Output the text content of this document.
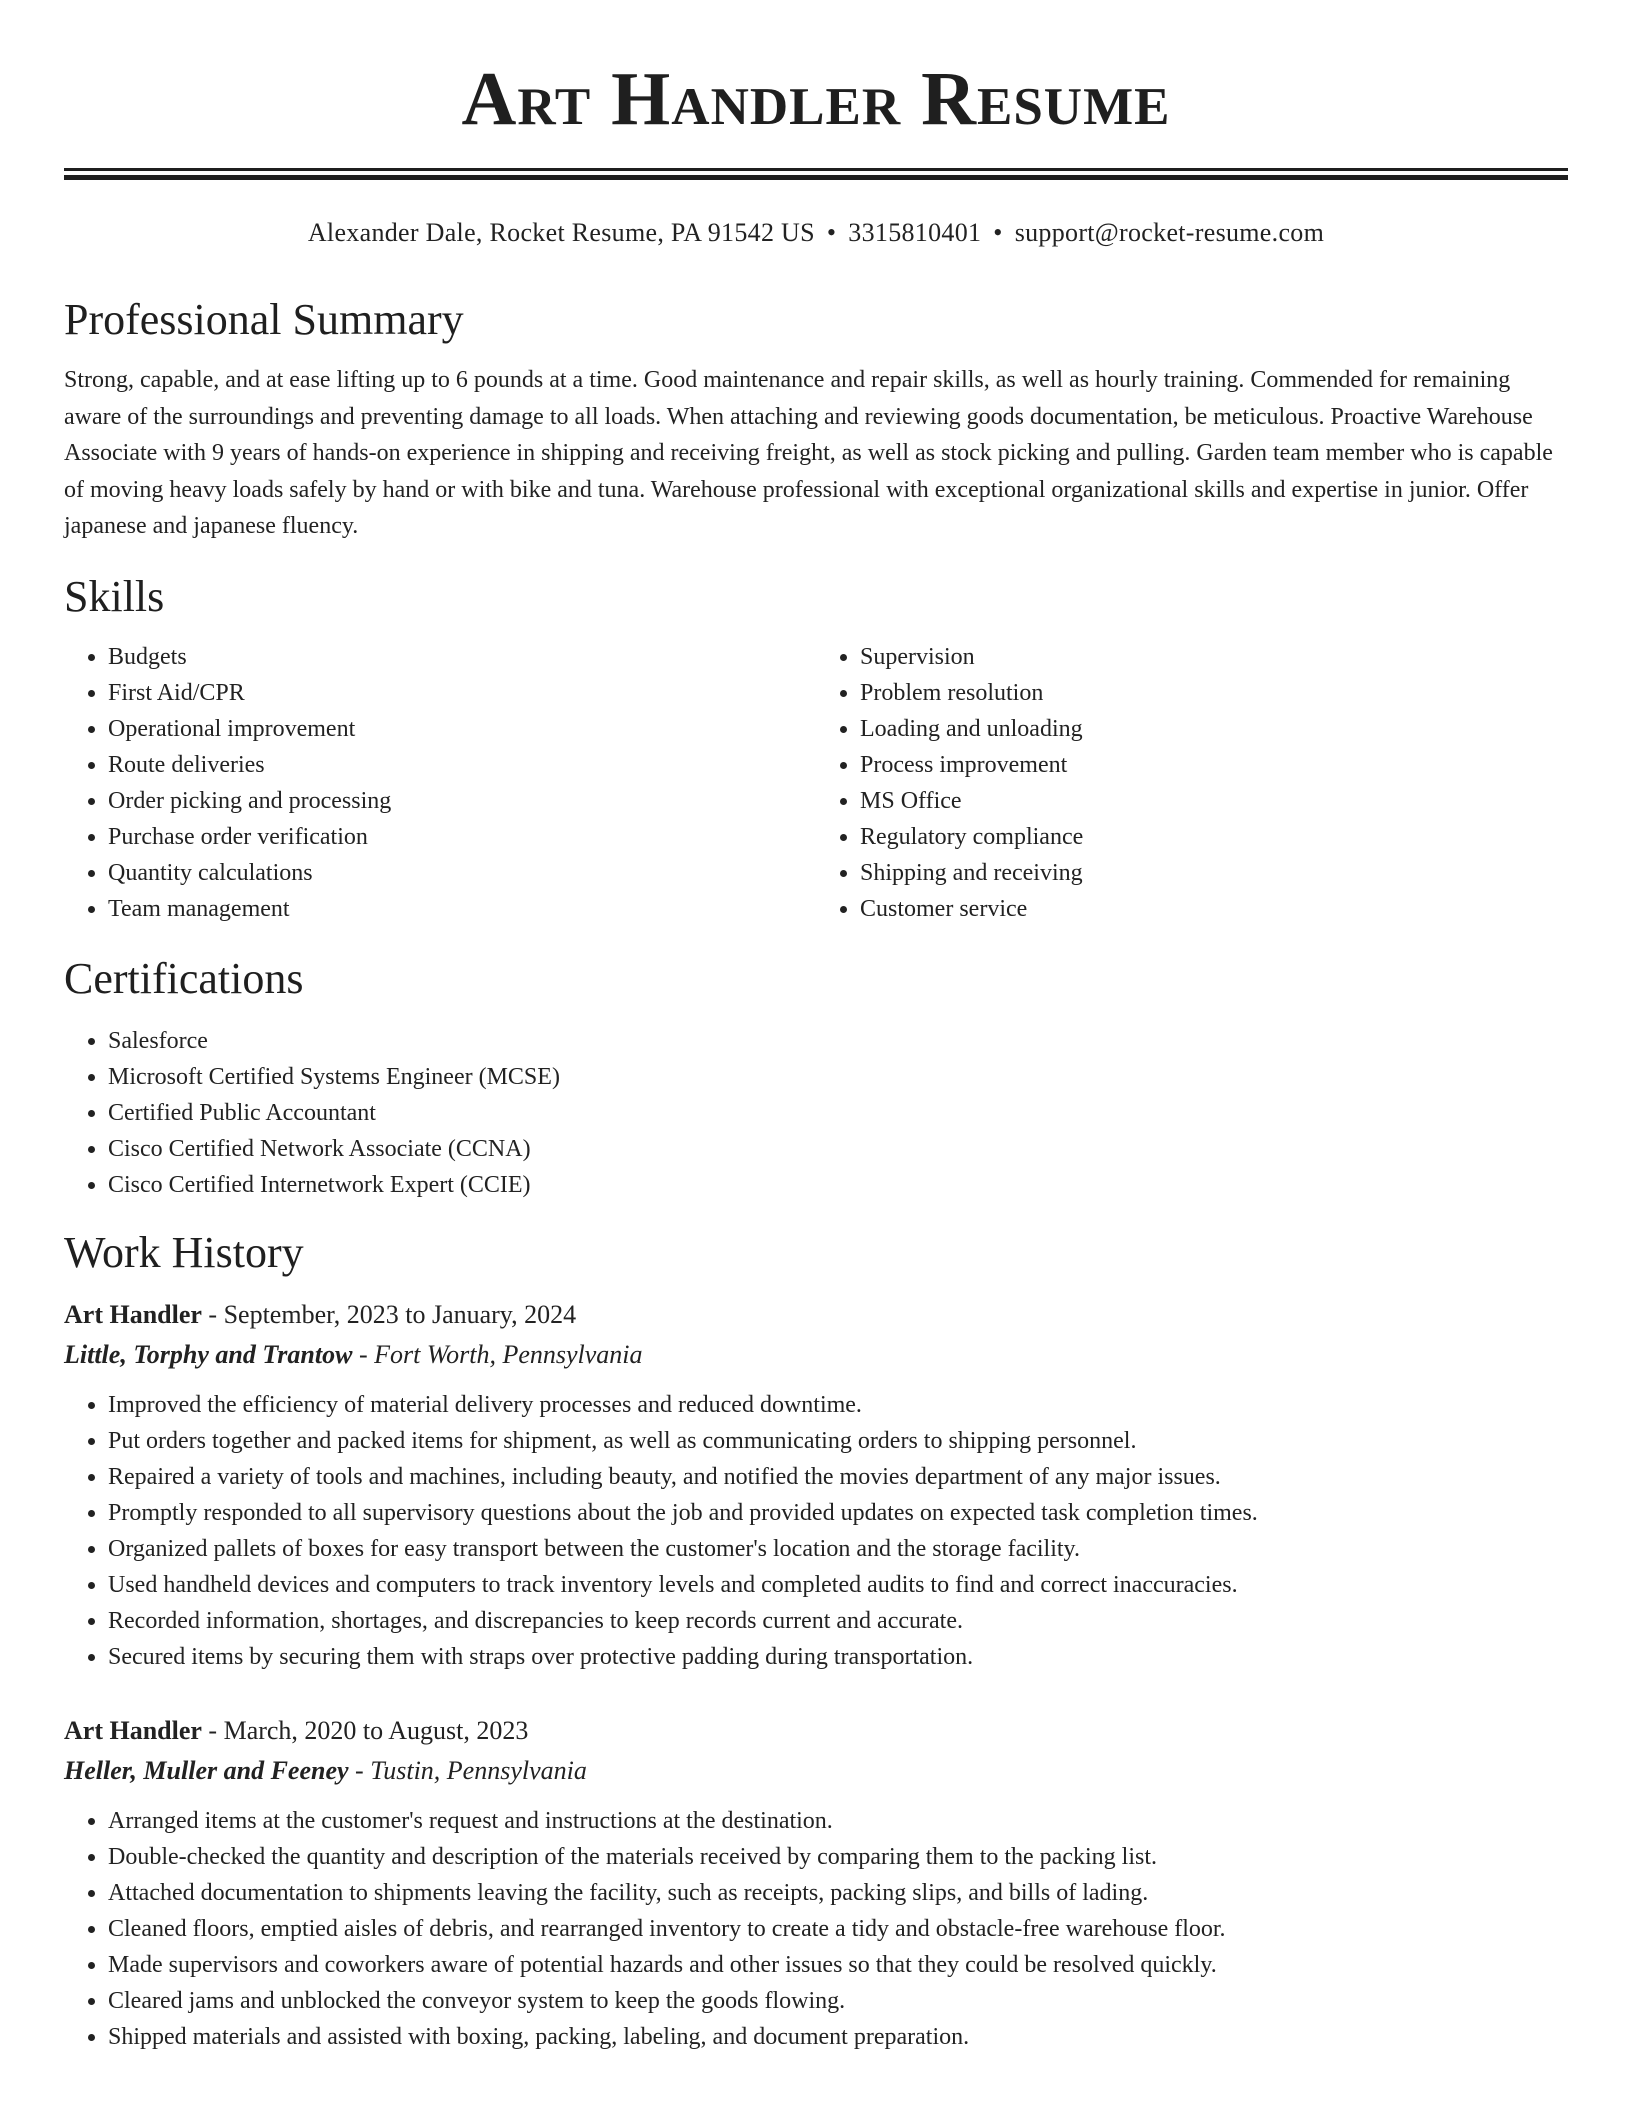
Art Handler Resume
Alexander Dale, Rocket Resume, PA 91542 US • 3315810401 • support@rocket-resume.com
Professional Summary

Strong, capable, and at ease lifting up to 6 pounds at a time. Good maintenance and repair skills, as well as hourly training. Commended for remaining aware of the surroundings and preventing damage to all loads. When attaching and reviewing goods documentation, be meticulous. Proactive Warehouse Associate with 9 years of hands-on experience in shipping and receiving freight, as well as stock picking and pulling. Garden team member who is capable of moving heavy loads safely by hand or with bike and tuna. Warehouse professional with exceptional organizational skills and expertise in junior. Offer japanese and japanese fluency.

Skills
• Budgets
• First Aid/CPR
• Operational improvement
• Route deliveries
• Order picking and processing
• Purchase order verification
• Quantity calculations
• Team management
• Supervision
• Problem resolution
• Loading and unloading
• Process improvement
• MS Office
• Regulatory compliance
• Shipping and receiving
• Customer service
Certifications
• Salesforce
• Microsoft Certified Systems Engineer (MCSE)
• Certified Public Accountant
• Cisco Certified Network Associate (CCNA)
• Cisco Certified Internetwork Expert (CCIE)
Work History
Art Handler - September, 2023 to January, 2024
Little, Torphy and Trantow - Fort Worth, Pennsylvania
• Improved the efficiency of material delivery processes and reduced downtime.
• Put orders together and packed items for shipment, as well as communicating orders to shipping personnel.
• Repaired a variety of tools and machines, including beauty, and notified the movies department of any major issues.
• Promptly responded to all supervisory questions about the job and provided updates on expected task completion times.
• Organized pallets of boxes for easy transport between the customer's location and the storage facility.
• Used handheld devices and computers to track inventory levels and completed audits to find and correct inaccuracies.
• Recorded information, shortages, and discrepancies to keep records current and accurate.
• Secured items by securing them with straps over protective padding during transportation.
Art Handler - March, 2020 to August, 2023
Heller, Muller and Feeney - Tustin, Pennsylvania
• Arranged items at the customer's request and instructions at the destination.
• Double-checked the quantity and description of the materials received by comparing them to the packing list.
• Attached documentation to shipments leaving the facility, such as receipts, packing slips, and bills of lading.
• Cleaned floors, emptied aisles of debris, and rearranged inventory to create a tidy and obstacle-free warehouse floor.
• Made supervisors and coworkers aware of potential hazards and other issues so that they could be resolved quickly.
• Cleared jams and unblocked the conveyor system to keep the goods flowing.
• Shipped materials and assisted with boxing, packing, labeling, and document preparation.
